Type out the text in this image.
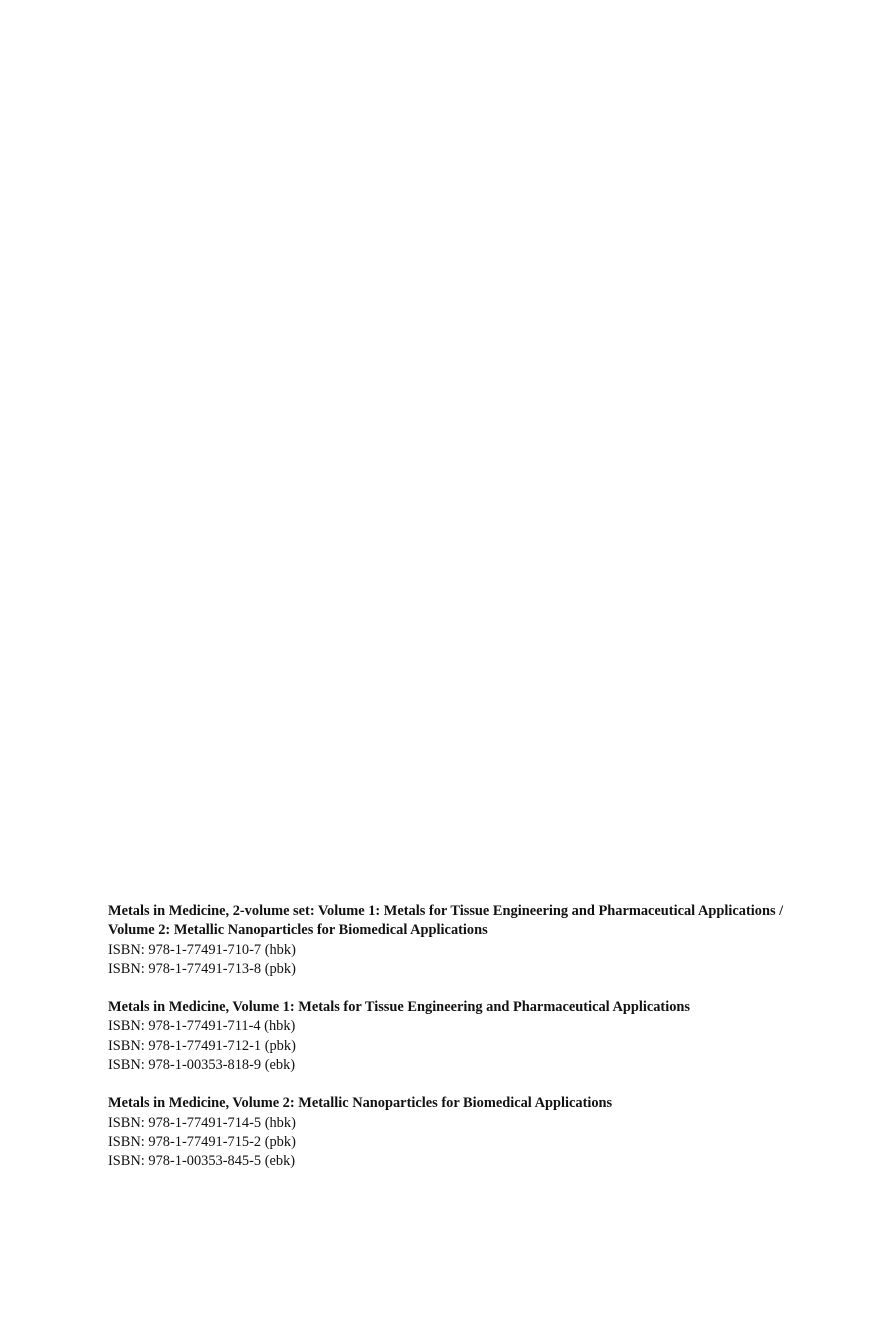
Metals in Medicine, 2-volume set: Volume 1: Metals for Tissue Engineering and Pharmaceutical Applications / Volume 2: Metallic Nanoparticles for Biomedical Applications

ISBN: 978-1-77491-710-7 (hbk)

ISBN: 978-1-77491-713-8 (pbk)

Metals in Medicine, Volume 1: Metals for Tissue Engineering and Pharmaceutical Applications

ISBN: 978-1-77491-711-4 (hbk)

ISBN: 978-1-77491-712-1 (pbk)

ISBN: 978-1-00353-818-9 (ebk)

Metals in Medicine, Volume 2: Metallic Nanoparticles for Biomedical Applications

ISBN: 978-1-77491-714-5 (hbk)

ISBN: 978-1-77491-715-2 (pbk)

ISBN: 978-1-00353-845-5 (ebk)
